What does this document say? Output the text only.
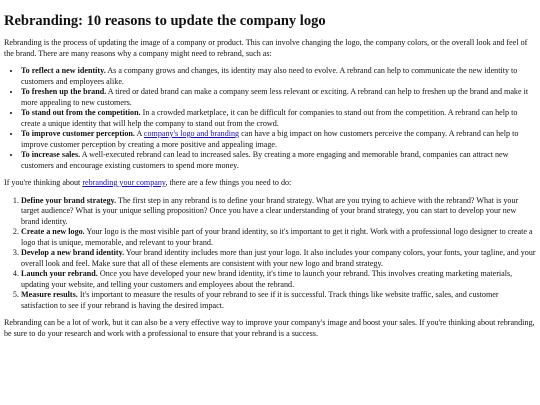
Rebranding: 10 reasons to update the company logo

Rebranding is the process of updating the image of a company or product. This can involve changing the logo, the company colors, or the overall look and feel of the brand. There are many reasons why a company might need to rebrand, such as:

• To reflect a new identity. As a company grows and changes, its identity may also need to evolve. A rebrand can help to communicate the new identity to customers and employees alike.
• To freshen up the brand. A tired or dated brand can make a company seem less relevant or exciting. A rebrand can help to freshen up the brand and make it more appealing to new customers.
• To stand out from the competition. In a crowded marketplace, it can be difficult for companies to stand out from the competition. A rebrand can help to create a unique identity that will help the company to stand out from the crowd.
• To improve customer perception. A company's logo and branding can have a big impact on how customers perceive the company. A rebrand can help to improve customer perception by creating a more positive and appealing image.
• To increase sales. A well-executed rebrand can lead to increased sales. By creating a more engaging and memorable brand, companies can attract new customers and encourage existing customers to spend more money.

If you're thinking about rebranding your company, there are a few things you need to do:

1. Define your brand strategy. The first step in any rebrand is to define your brand strategy. What are you trying to achieve with the rebrand? What is your target audience? What is your unique selling proposition? Once you have a clear understanding of your brand strategy, you can start to develop your new brand identity.
2. Create a new logo. Your logo is the most visible part of your brand identity, so it's important to get it right. Work with a professional logo designer to create a logo that is unique, memorable, and relevant to your brand.
3. Develop a new brand identity. Your brand identity includes more than just your logo. It also includes your company colors, your fonts, your tagline, and your overall look and feel. Make sure that all of these elements are consistent with your new logo and brand strategy.
4. Launch your rebrand. Once you have developed your new brand identity, it's time to launch your rebrand. This involves creating marketing materials, updating your website, and telling your customers and employees about the rebrand.
5. Measure results. It's important to measure the results of your rebrand to see if it is successful. Track things like website traffic, sales, and customer satisfaction to see if your rebrand is having the desired impact.

Rebranding can be a lot of work, but it can also be a very effective way to improve your company's image and boost your sales. If you're thinking about rebranding, be sure to do your research and work with a professional to ensure that your rebrand is a success.
